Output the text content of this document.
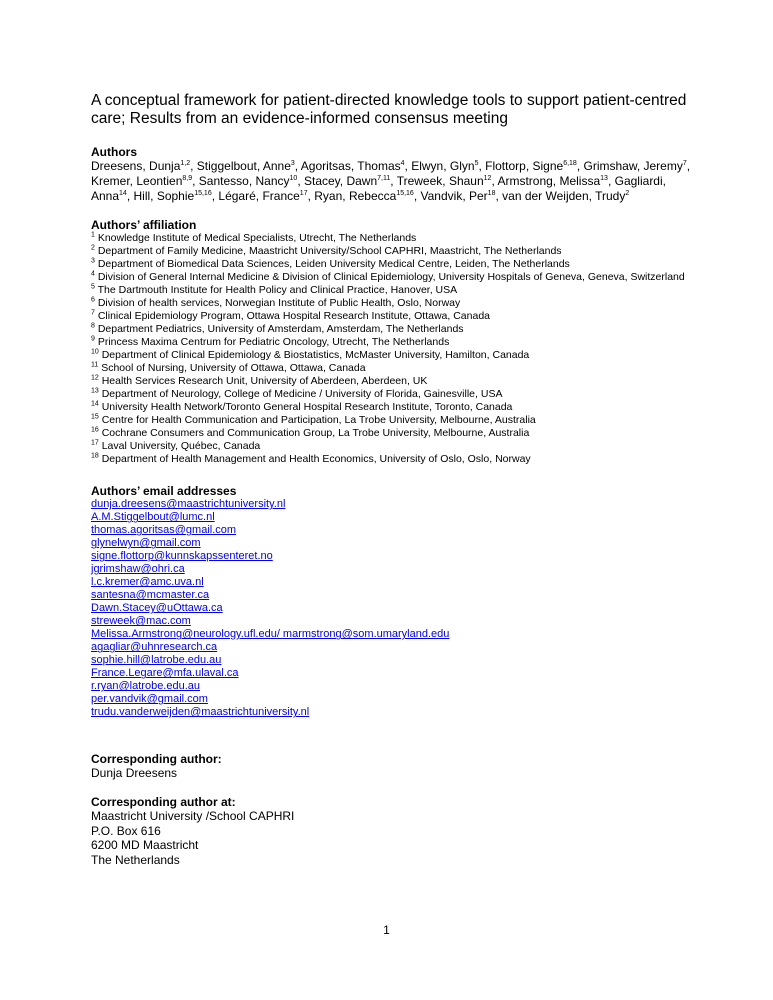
A conceptual framework for patient-directed knowledge tools to support patient-centred care; Results from an evidence-informed consensus meeting
Authors

Dreesens, Dunja$^{1,2}$, Stiggelbout, Anne$^3$, Agoritsas, Thomas$^4$, Elwyn, Glyn$^5$, Flottorp, Signe$^{6,18}$, Grimshaw, Jeremy$^7$, Kremer, Leontien$^{8,9}$, Santesso, Nancy$^{10}$, Stacey, Dawn$^{7,11}$, Treweek, Shaun$^{12}$, Armstrong, Melissa$^{13}$, Gagliardi, Anna$^{14}$, Hill, Sophie$^{15,16}$, Légaré, France$^{17}$, Ryan, Rebecca$^{15,16}$, Vandvik, Per$^{18}$, van der Weijden, Trudy$^2$

Authors’ affiliation
$^1$ Knowledge Institute of Medical Specialists, Utrecht, The Netherlands
$^2$ Department of Family Medicine, Maastricht University/School CAPHRI, Maastricht, The Netherlands
$^3$ Department of Biomedical Data Sciences, Leiden University Medical Centre, Leiden, The Netherlands
$^4$ Division of General Internal Medicine & Division of Clinical Epidemiology, University Hospitals of Geneva, Geneva, Switzerland
$^5$ The Dartmouth Institute for Health Policy and Clinical Practice, Hanover, USA
$^6$ Division of health services, Norwegian Institute of Public Health, Oslo, Norway
$^7$ Clinical Epidemiology Program, Ottawa Hospital Research Institute, Ottawa, Canada
$^8$ Department Pediatrics, University of Amsterdam, Amsterdam, The Netherlands
$^9$ Princess Maxima Centrum for Pediatric Oncology, Utrecht, The Netherlands
$^{10}$ Department of Clinical Epidemiology & Biostatistics, McMaster University, Hamilton, Canada
$^{11}$ School of Nursing, University of Ottawa, Ottawa, Canada
$^{12}$ Health Services Research Unit, University of Aberdeen, Aberdeen, UK
$^{13}$ Department of Neurology, College of Medicine / University of Florida, Gainesville, USA
$^{14}$ University Health Network/Toronto General Hospital Research Institute, Toronto, Canada
$^{15}$ Centre for Health Communication and Participation, La Trobe University, Melbourne, Australia
$^{16}$ Cochrane Consumers and Communication Group, La Trobe University, Melbourne, Australia
$^{17}$ Laval University, Québec, Canada
$^{18}$ Department of Health Management and Health Economics, University of Oslo, Oslo, Norway
Authors’ email addresses
dunja.dreesens@maastrichtuniversity.nl
A.M.Stiggelbout@lumc.nl
thomas.agoritsas@gmail.com
glynelwyn@gmail.com
signe.flottorp@kunnskapssenteret.no
jgrimshaw@ohri.ca
l.c.kremer@amc.uva.nl
santesna@mcmaster.ca
Dawn.Stacey@uOttawa.ca
streweek@mac.com
Melissa.Armstrong@neurology.ufl.edu/ marmstrong@som.umaryland.edu
agagliar@uhnresearch.ca
sophie.hill@latrobe.edu.au
France.Legare@mfa.ulaval.ca
r.ryan@latrobe.edu.au
per.vandvik@gmail.com
trudu.vanderweijden@maastrichtuniversity.nl
Corresponding author:

Dunja Dreesens

Corresponding author at:

Maastricht University /School CAPHRI

P.O. Box 616

6200 MD Maastricht

The Netherlands

1
